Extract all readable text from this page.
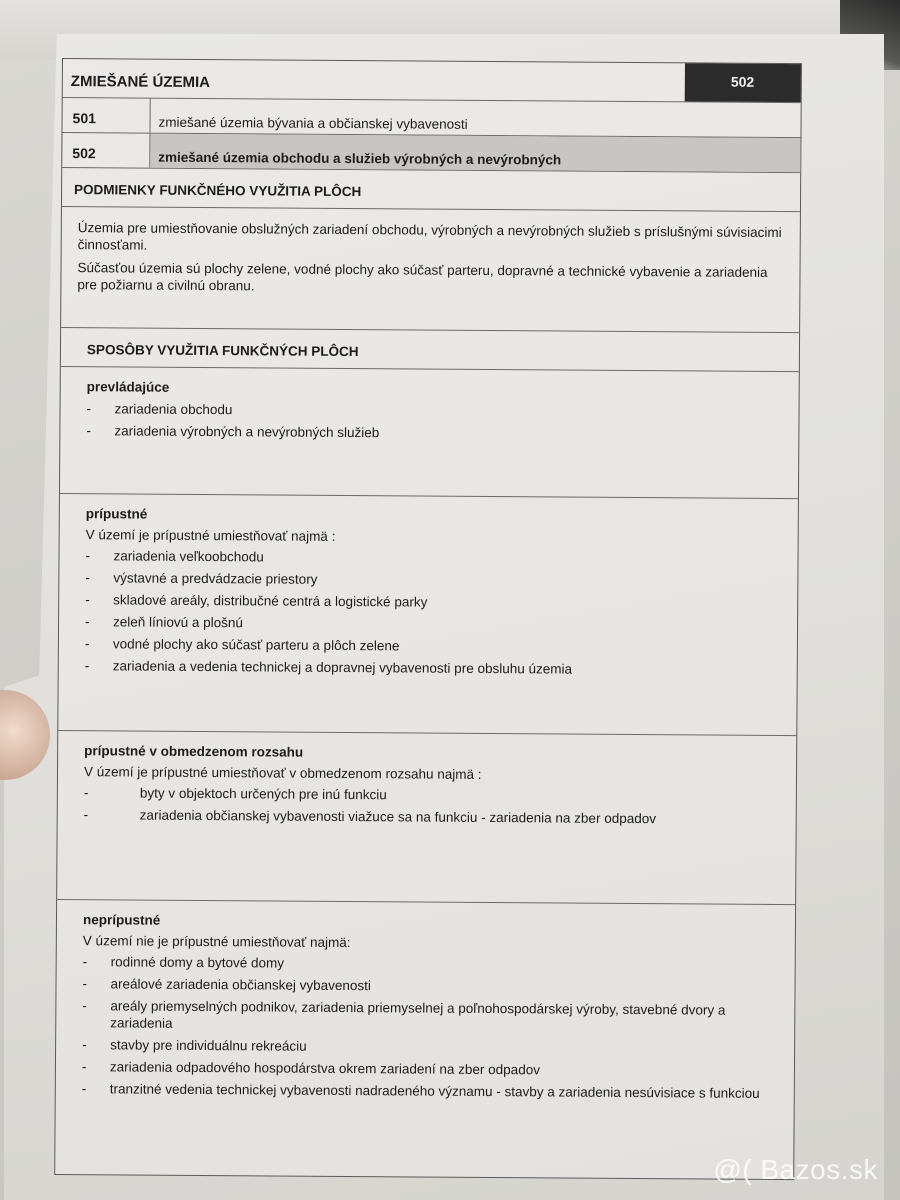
ZMIEŠANÉ ÚZEMIA	502
501	zmiešané územia bývania a občianskej vybavenosti
502	zmiešané územia obchodu a služieb výrobných a nevýrobných
PODMIENKY FUNKČNÉHO VYUŽITIA PLÔCH

Územia pre umiestňovanie obslužných zariadení obchodu, výrobných a nevýrobných služieb s príslušnými súvisiacimi činnosťami.

Súčasťou územia sú plochy zelene, vodné plochy ako súčasť parteru, dopravné a technické vybavenie a zariadenia pre požiarnu a civilnú obranu.

SPOSÔBY VYUŽITIA FUNKČNÝCH PLÔCH
prevládajúce
- zariadenia obchodu
- zariadenia výrobných a nevýrobných služieb
prípustné
V území je prípustné umiestňovať najmä :
- zariadenia veľkoobchodu
- výstavné a predvádzacie priestory
- skladové areály, distribučné centrá a logistické parky
- zeleň líniovú a plošnú
- vodné plochy ako súčasť parteru a plôch zelene
- zariadenia a vedenia technickej a dopravnej vybavenosti pre obsluhu územia
prípustné v obmedzenom rozsahu
V území je prípustné umiestňovať v obmedzenom rozsahu najmä :
-	byty v objektoch určených pre inú funkciu
-	zariadenia občianskej vybavenosti viažuce sa na funkciu - zariadenia na zber odpadov
neprípustné
V území nie je prípustné umiestňovať najmä:
- rodinné domy a bytové domy
- areálové zariadenia občianskej vybavenosti
- areály priemyselných podnikov, zariadenia priemyselnej a poľnohospodárskej výroby, stavebné dvory a zariadenia
- stavby pre individuálnu rekreáciu
- zariadenia odpadového hospodárstva okrem zariadení na zber odpadov
- tranzitné vedenia technickej vybavenosti nadradeného významu - stavby a zariadenia nesúvisiace s funkciou
@( Bazos.sk
